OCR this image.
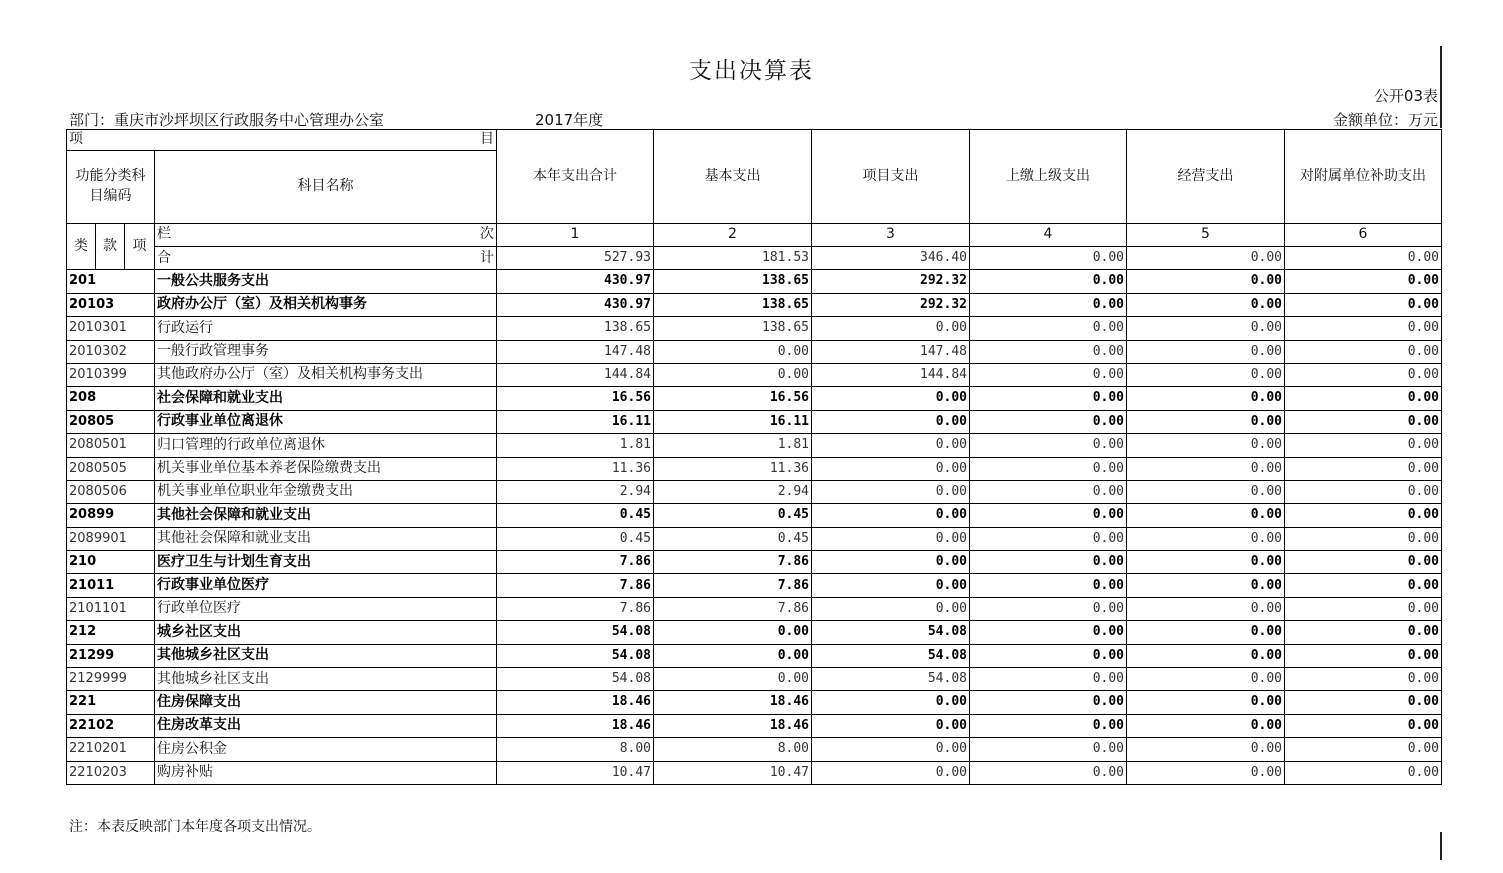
支出决算表
公开03表
部门：重庆市沙坪坝区行政服务中心管理办公室	2017年度	金额单位：万元
项 目				本年支出合计	基本支出	项目支出	上缴上级支出	经营支出	对附属单位补助支出
功能分类科目编码			科目名称						
类	款	项	栏 次	1	2	3	4	5	6

			合 计	527.93	181.53	346.40	0.00	0.00	0.00
201			一般公共服务支出	430.97	138.65	292.32	0.00	0.00	0.00
20103			政府办公厅（室）及相关机构事务	430.97	138.65	292.32	0.00	0.00	0.00
2010301			行政运行	138.65	138.65	0.00	0.00	0.00	0.00
2010302			一般行政管理事务	147.48	0.00	147.48	0.00	0.00	0.00
2010399			其他政府办公厅（室）及相关机构事务支出	144.84	0.00	144.84	0.00	0.00	0.00
208			社会保障和就业支出	16.56	16.56	0.00	0.00	0.00	0.00
20805			行政事业单位离退休	16.11	16.11	0.00	0.00	0.00	0.00
2080501			归口管理的行政单位离退休	1.81	1.81	0.00	0.00	0.00	0.00
2080505			机关事业单位基本养老保险缴费支出	11.36	11.36	0.00	0.00	0.00	0.00
2080506			机关事业单位职业年金缴费支出	2.94	2.94	0.00	0.00	0.00	0.00
20899			其他社会保障和就业支出	0.45	0.45	0.00	0.00	0.00	0.00
2089901			其他社会保障和就业支出	0.45	0.45	0.00	0.00	0.00	0.00
210			医疗卫生与计划生育支出	7.86	7.86	0.00	0.00	0.00	0.00
21011			行政事业单位医疗	7.86	7.86	0.00	0.00	0.00	0.00
2101101			行政单位医疗	7.86	7.86	0.00	0.00	0.00	0.00
212			城乡社区支出	54.08	0.00	54.08	0.00	0.00	0.00
21299			其他城乡社区支出	54.08	0.00	54.08	0.00	0.00	0.00
2129999			其他城乡社区支出	54.08	0.00	54.08	0.00	0.00	0.00
221			住房保障支出	18.46	18.46	0.00	0.00	0.00	0.00
22102			住房改革支出	18.46	18.46	0.00	0.00	0.00	0.00
2210201			住房公积金	8.00	8.00	0.00	0.00	0.00	0.00
2210203			购房补贴	10.47	10.47	0.00	0.00	0.00	0.00
注：本表反映部门本年度各项支出情况。
